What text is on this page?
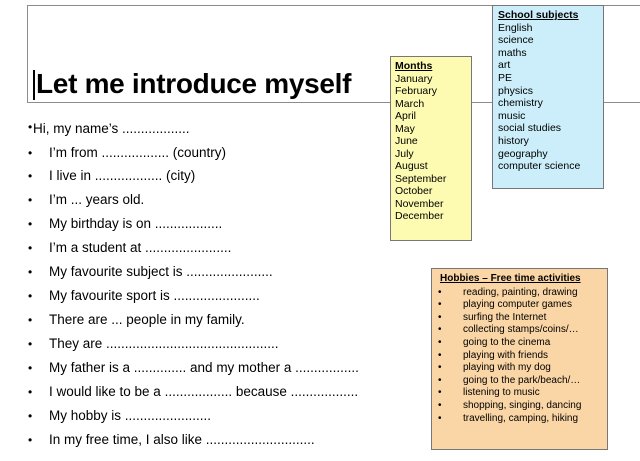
Let me introduce myself
• Hi, my name’s ..................
• I’m from .................. (country)
• I live in .................. (city)
• I’m ... years old.
• My birthday is on ..................
• I’m a student at .......................
• My favourite subject is .......................
• My favourite sport is .......................
• There are ... people in my family.
• They are ..............................................
• My father is a .............. and my mother a .................
• I would like to be a .................. because ..................
• My hobby is .......................
• In my free time, I also like .............................
Months
January
February
March
April
May
June
July
August
September
October
November
December
School subjects
English
science
maths
art
PE
physics
chemistry
music
social studies
history
geography
computer science
Hobbies – Free time activities
• reading, painting, drawing
• playing computer games
• surfing the Internet
• collecting stamps/coins/…
• going to the cinema
• playing with friends
• playing with my dog
• going to the park/beach/…
• listening to music
• shopping, singing, dancing
• travelling, camping, hiking
